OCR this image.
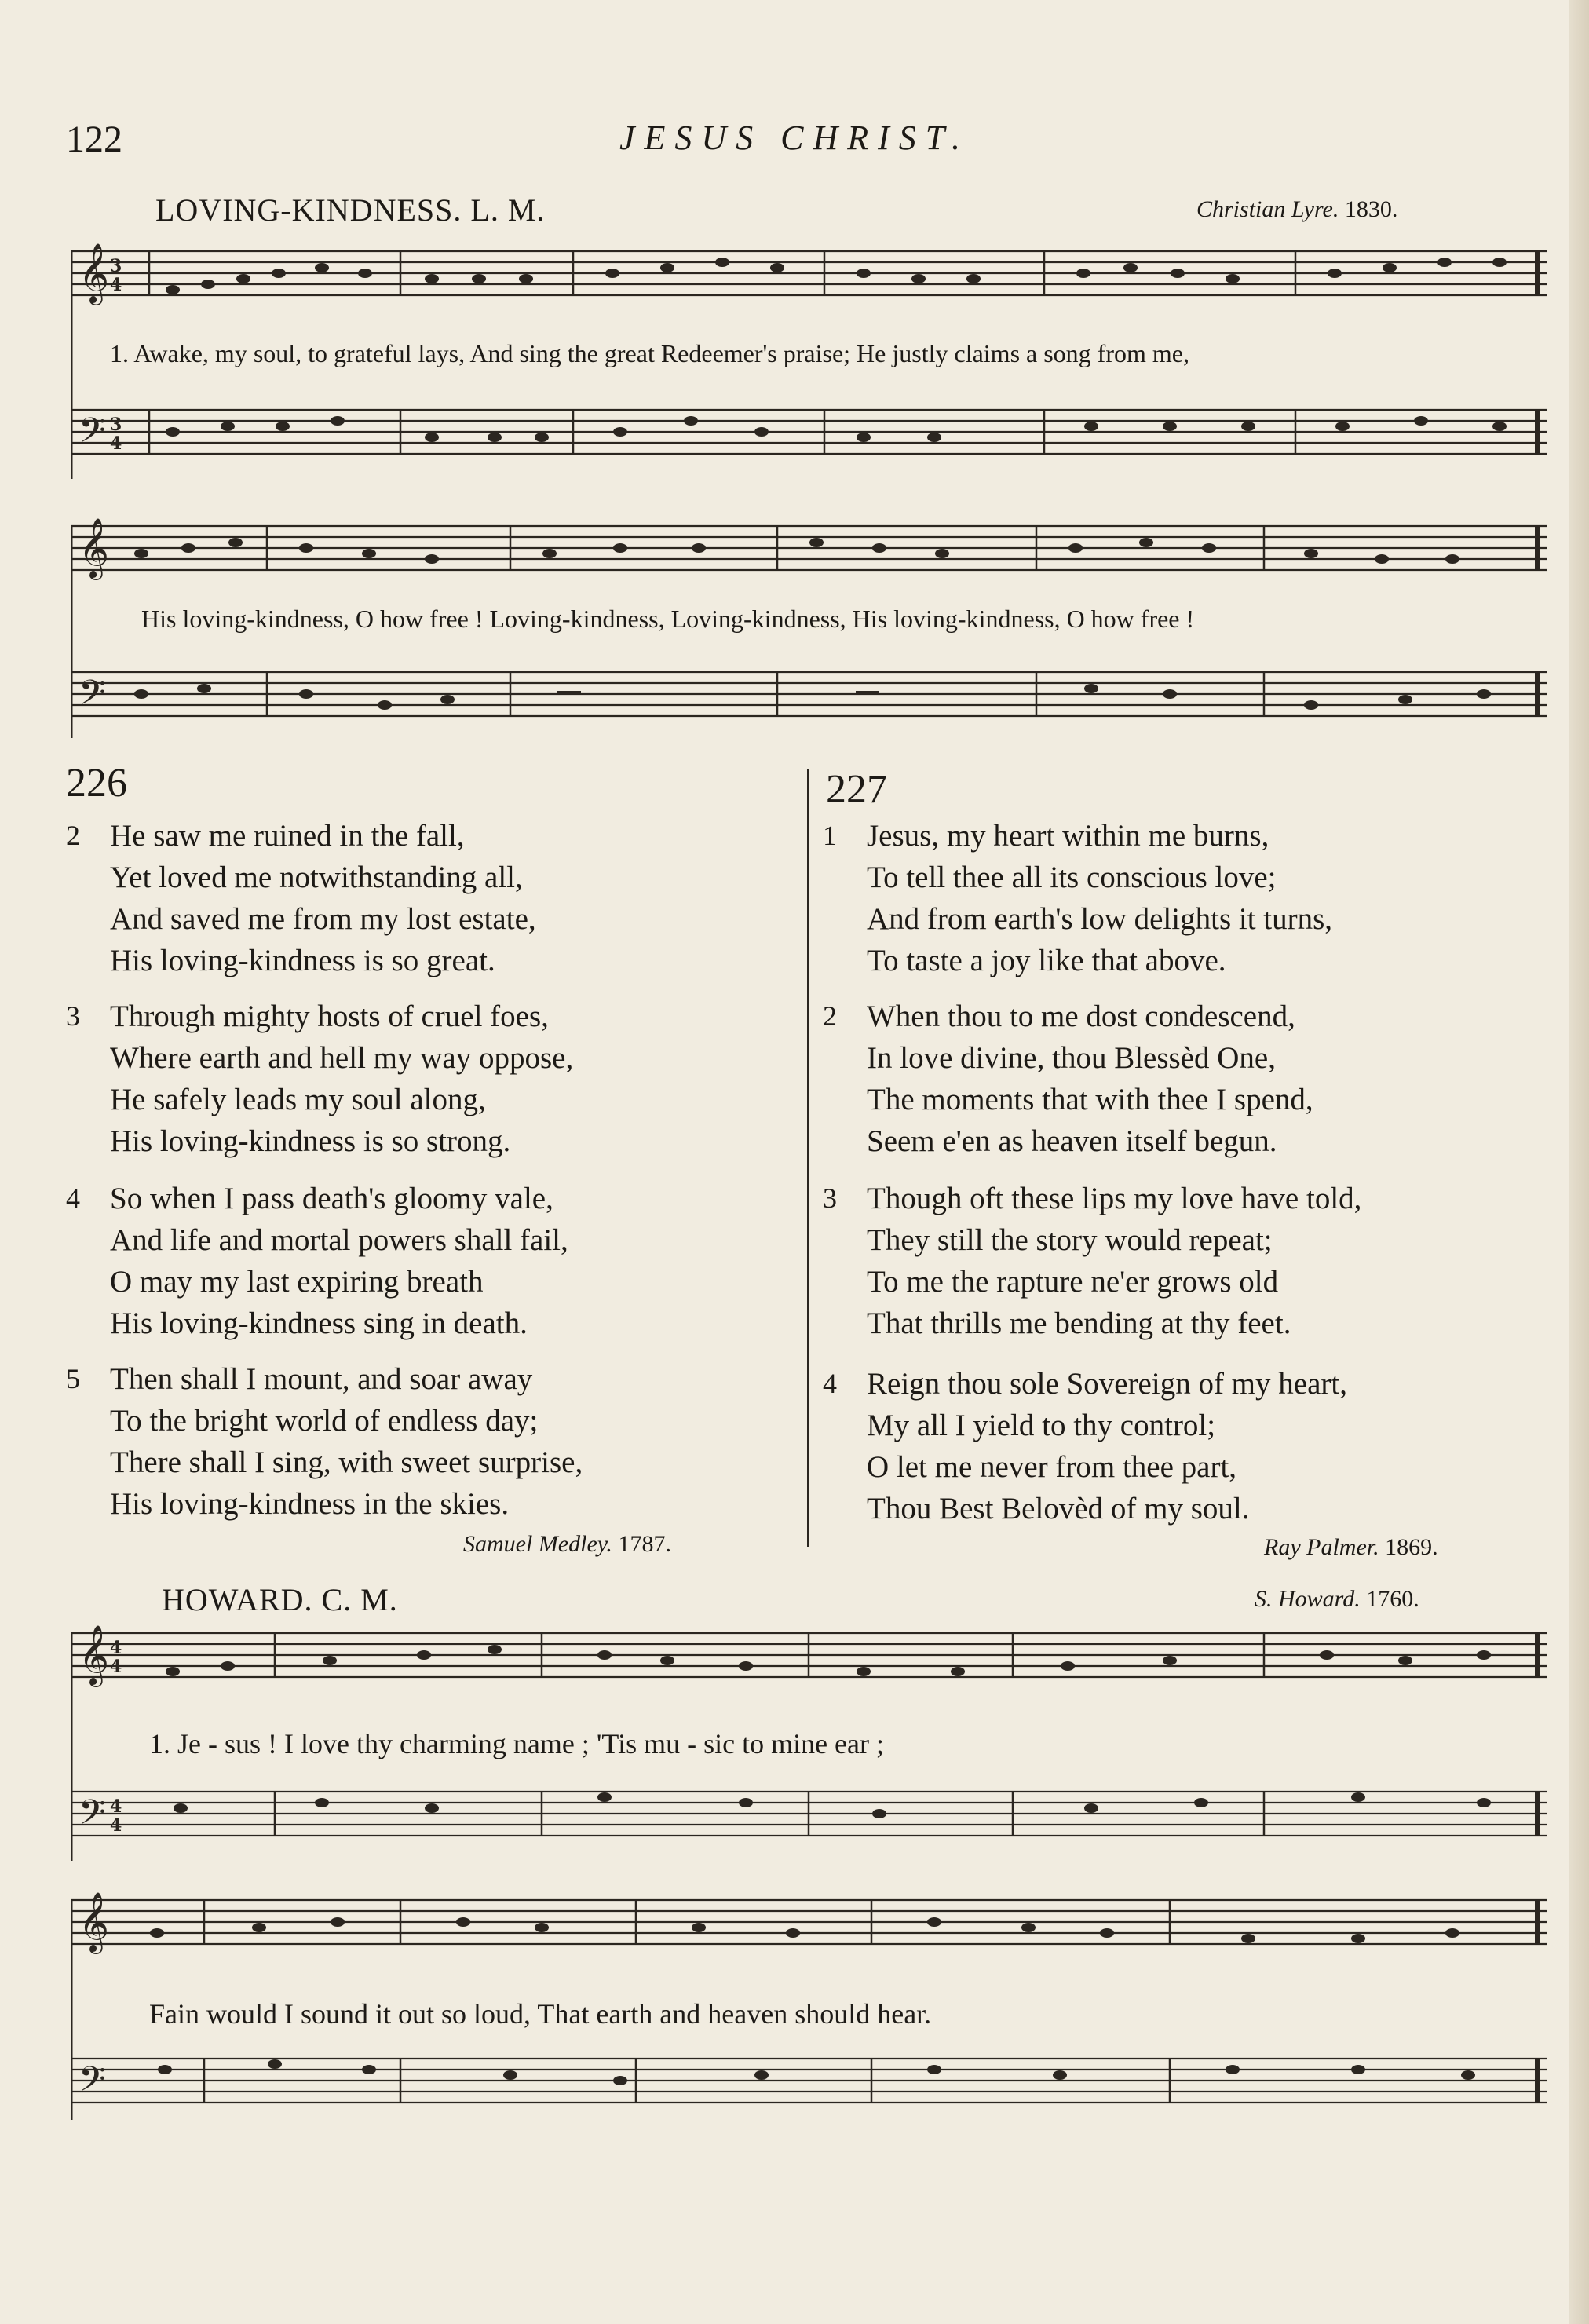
122	JESUS CHRIST.
LOVING-KINDNESS. L. M.	Christian Lyre. 1830.
𝄞
𝄢
3
4
3
4
1. Awake, my soul, to grateful lays, And sing the great Redeemer's praise; He justly claims a song from me,
𝄞
𝄢
His loving-kindness, O how free ! Loving-kindness, Loving-kindness, His loving-kindness, O how free !
226
2 He saw me ruined in the fall,
Yet loved me notwithstanding all,
And saved me from my lost estate,
His loving-kindness is so great.
3 Through mighty hosts of cruel foes,
Where earth and hell my way oppose,
He safely leads my soul along,
His loving-kindness is so strong.
4 So when I pass death's gloomy vale,
And life and mortal powers shall fail,
O may my last expiring breath
His loving-kindness sing in death.
5 Then shall I mount, and soar away
To the bright world of endless day;
There shall I sing, with sweet surprise,
His loving-kindness in the skies.
Samuel Medley. 1787.
227
1 Jesus, my heart within me burns,
To tell thee all its conscious love;
And from earth's low delights it turns,
To taste a joy like that above.
2 When thou to me dost condescend,
In love divine, thou Blessèd One,
The moments that with thee I spend,
Seem e'en as heaven itself begun.
3 Though oft these lips my love have told,
They still the story would repeat;
To me the rapture ne'er grows old
That thrills me bending at thy feet.
4 Reign thou sole Sovereign of my heart,
My all I yield to thy control;
O let me never from thee part,
Thou Best Belovèd of my soul.
Ray Palmer. 1869.
HOWARD. C. M.	S. Howard. 1760.
𝄞
𝄢
4
4
4
4
1. Je - sus ! I love thy charming name ; 'Tis mu - sic to mine ear ;
𝄞
𝄢
Fain would I sound it out so loud, That earth and heaven should hear.
